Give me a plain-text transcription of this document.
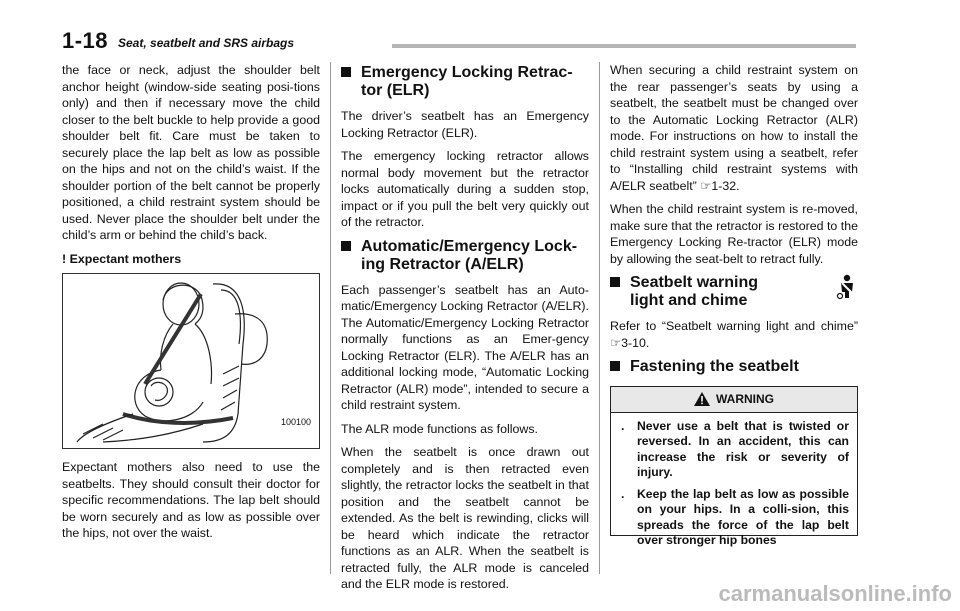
1-18 Seat, seatbelt and SRS airbags

the face or neck, adjust the shoulder belt anchor height (window-side seating posi-tions only) and then if necessary move the child closer to the belt buckle to help provide a good shoulder belt fit. Care must be taken to securely place the lap belt as low as possible on the hips and not on the child’s waist. If the shoulder portion of the belt cannot be properly positioned, a child restraint system should be used. Never place the shoulder belt under the child’s arm or behind the child’s back.

! Expectant mothers
100100

Expectant mothers also need to use the seatbelts. They should consult their doctor for specific recommendations. The lap belt should be worn securely and as low as possible over the hips, not over the waist.

Emergency Locking Retrac-tor (ELR)

The driver’s seatbelt has an Emergency Locking Retractor (ELR).

The emergency locking retractor allows normal body movement but the retractor locks automatically during a sudden stop, impact or if you pull the belt very quickly out of the retractor.

Automatic/Emergency Lock-ing Retractor (A/ELR)

Each passenger’s seatbelt has an Auto-matic/Emergency Locking Retractor (A/ELR). The Automatic/Emergency Locking Retractor normally functions as an Emer-gency Locking Retractor (ELR). The A/ELR has an additional locking mode, “Automatic Locking Retractor (ALR) mode”, intended to secure a child restraint system.

The ALR mode functions as follows.

When the seatbelt is once drawn out completely and is then retracted even slightly, the retractor locks the seatbelt in that position and the seatbelt cannot be extended. As the belt is rewinding, clicks will be heard which indicate the retractor functions as an ALR. When the seatbelt is retracted fully, the ALR mode is canceled and the ELR mode is restored.

When securing a child restraint system on the rear passenger’s seats by using a seatbelt, the seatbelt must be changed over to the Automatic Locking Retractor (ALR) mode. For instructions on how to install the child restraint system using a seatbelt, refer to “Installing child restraint systems with A/ELR seatbelt” ☞1-32.

When the child restraint system is re-moved, make sure that the retractor is restored to the Emergency Locking Re-tractor (ELR) mode by allowing the seat-belt to retract fully.

Seatbelt warning light and chime

Refer to “Seatbelt warning light and chime” ☞3-10.

Fastening the seatbelt
WARNING
.	Never use a belt that is twisted or reversed. In an accident, this can increase the risk or severity of injury.
.	Keep the lap belt as low as possible on your hips. In a colli-sion, this spreads the force of the lap belt over stronger hip bones
carmanualsonline.info
